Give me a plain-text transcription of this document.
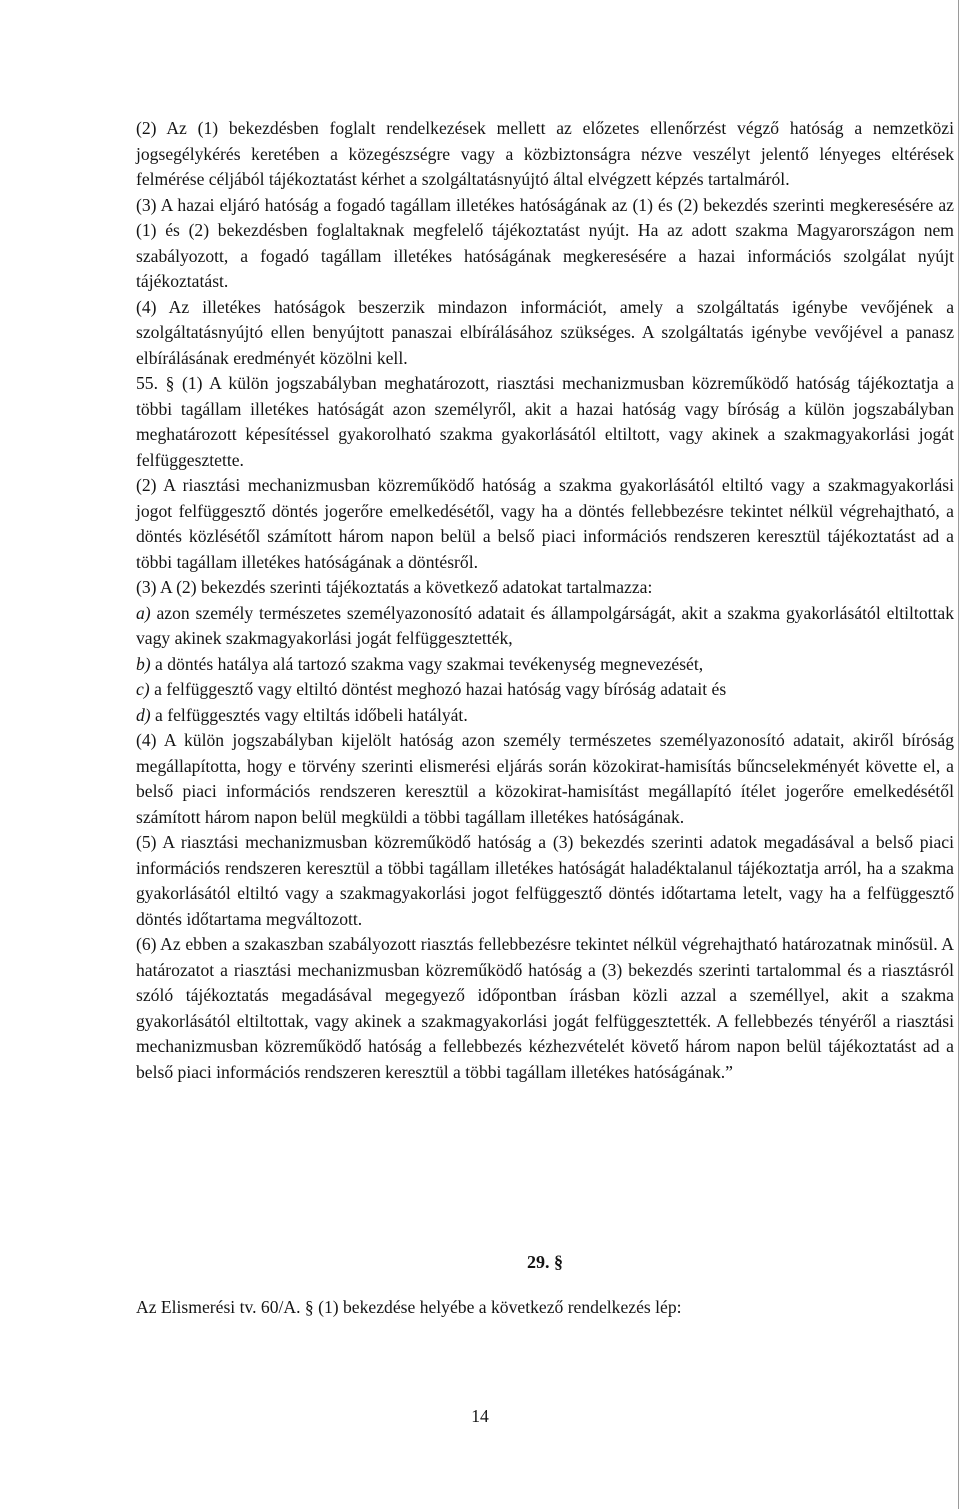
(2) Az (1) bekezdésben foglalt rendelkezések mellett az előzetes ellenőrzést végző hatóság a nemzetközi jogsegélykérés keretében a közegészségre vagy a közbiztonságra nézve veszélyt jelentő lényeges eltérések felmérése céljából tájékoztatást kérhet a szolgáltatásnyújtó által elvégzett képzés tartalmáról.

(3) A hazai eljáró hatóság a fogadó tagállam illetékes hatóságának az (1) és (2) bekezdés szerinti megkeresésére az (1) és (2) bekezdésben foglaltaknak megfelelő tájékoztatást nyújt. Ha az adott szakma Magyarországon nem szabályozott, a fogadó tagállam illetékes hatóságának megkeresésére a hazai információs szolgálat nyújt tájékoztatást.

(4) Az illetékes hatóságok beszerzik mindazon információt, amely a szolgáltatás igénybe vevőjének a szolgáltatásnyújtó ellen benyújtott panaszai elbírálásához szükséges. A szolgáltatás igénybe vevőjével a panasz elbírálásának eredményét közölni kell.

55. § (1) A külön jogszabályban meghatározott, riasztási mechanizmusban közreműködő hatóság tájékoztatja a többi tagállam illetékes hatóságát azon személyről, akit a hazai hatóság vagy bíróság a külön jogszabályban meghatározott képesítéssel gyakorolható szakma gyakorlásától eltiltott, vagy akinek a szakmagyakorlási jogát felfüggesztette.

(2) A riasztási mechanizmusban közreműködő hatóság a szakma gyakorlásától eltiltó vagy a szakmagyakorlási jogot felfüggesztő döntés jogerőre emelkedésétől, vagy ha a döntés fellebbezésre tekintet nélkül végrehajtható, a döntés közlésétől számított három napon belül a belső piaci információs rendszeren keresztül tájékoztatást ad a többi tagállam illetékes hatóságának a döntésről.

(3) A (2) bekezdés szerinti tájékoztatás a következő adatokat tartalmazza:

a) azon személy természetes személyazonosító adatait és állampolgárságát, akit a szakma gyakorlásától eltiltottak vagy akinek szakmagyakorlási jogát felfüggesztették,

b) a döntés hatálya alá tartozó szakma vagy szakmai tevékenység megnevezését,

c) a felfüggesztő vagy eltiltó döntést meghozó hazai hatóság vagy bíróság adatait és

d) a felfüggesztés vagy eltiltás időbeli hatályát.

(4) A külön jogszabályban kijelölt hatóság azon személy természetes személyazonosító adatait, akiről bíróság megállapította, hogy e törvény szerinti elismerési eljárás során közokirat-hamisítás bűncselekményét követte el, a belső piaci információs rendszeren keresztül a közokirat-hamisítást megállapító ítélet jogerőre emelkedésétől számított három napon belül megküldi a többi tagállam illetékes hatóságának.

(5) A riasztási mechanizmusban közreműködő hatóság a (3) bekezdés szerinti adatok megadásával a belső piaci információs rendszeren keresztül a többi tagállam illetékes hatóságát haladéktalanul tájékoztatja arról, ha a szakma gyakorlásától eltiltó vagy a szakmagyakorlási jogot felfüggesztő döntés időtartama letelt, vagy ha a felfüggesztő döntés időtartama megváltozott.

(6) Az ebben a szakaszban szabályozott riasztás fellebbezésre tekintet nélkül végrehajtható határozatnak minősül. A határozatot a riasztási mechanizmusban közreműködő hatóság a (3) bekezdés szerinti tartalommal és a riasztásról szóló tájékoztatás megadásával megegyező időpontban írásban közli azzal a személlyel, akit a szakma gyakorlásától eltiltottak, vagy akinek a szakmagyakorlási jogát felfüggesztették. A fellebbezés tényéről a riasztási mechanizmusban közreműködő hatóság a fellebbezés kézhezvételét követő három napon belül tájékoztatást ad a belső piaci információs rendszeren keresztül a többi tagállam illetékes hatóságának.”

29. §

Az Elismerési tv. 60/A. § (1) bekezdése helyébe a következő rendelkezés lép:

14
